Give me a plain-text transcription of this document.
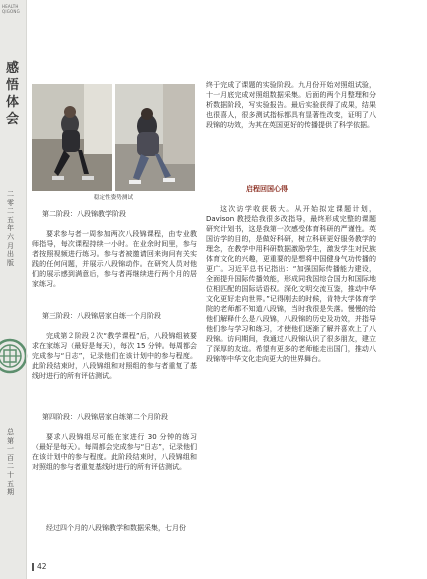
HEALTH
QIGONG
感悟体会
二零二五年六月出版
总第一百二十五期
稳定性姿势测试
第二阶段：八段锦教学阶段
要求参与者一周参加两次八段锦课程，由专业教师指导，每次课程持续一小时。在业余时间里，参与者按照视频进行练习。参与者被邀请回来询问有关实践的任何问题，并展示八段锦动作。在研究人员对他们的展示感到满意后，参与者再继续进行两个月的居家练习。
第三阶段：八段锦居家自练一个月阶段
完成第２阶段２次“教学课程”后，八段锦组被要求在家练习（最好是每天），每次 15 分钟。每周都会完成参与“日志”，记录他们在该计划中的参与程度。此阶段结束时，八段锦组和对照组的参与者重复了基线时进行的所有评估测试。
第四阶段：八段锦居家自练第二个月阶段
要求八段锦组尽可能在家进行 30 分钟的练习（最好是每天）。每周都会完成参与“日志”，记录他们在该计划中的参与程度。此阶段结束时，八段锦组和对照组的参与者重复基线时进行的所有评估测试。
经过四个月的八段锦教学和数据采集，七月份
终于完成了课题的实验阶段。九月份开始对照组试验，十一月底完成对照组数据采集。后面的两个月整理和分析数据阶段，写实验报告。最后实验获得了成果，结果也很喜人，很多测试指标都具有显著性改变，证明了八段锦的功效，为其在英国更好的传播提供了科学依据。
启程回国心得
这次访学收获极大。从开始拟定课题计划，Davison 教授给我很多改指导，最终形成完整的课题研究计划书，这是我第一次感受体育科研的严谨性。英国访学的目的，是做好科研，树立科研更好服务教学的理念，在教学中用科研数据激励学生，激发学生对民族体育文化的兴趣，更重要的是想将中国健身气功传播的更广。习近平总书记指出：“加强国际传播能力建设，全面提升国际传播效能，形成同我国综合国力和国际地位相匹配的国际话语权。深化文明交流互鉴，推动中华文化更好走向世界。”记得刚去的时候，肯特大学体育学院的老师都不知道八段锦，当时我很是失落。慢慢的给他们解释什么是八段锦，八段锦的历史及功效，并指导他们参与学习和练习，才使他们逐渐了解并喜欢上了八段锦。访问期间，我通过八段锦认识了很多朋友，建立了深厚的友谊。希望有更多的老师能走出国门，推动八段锦等中华文化走向更大的世界舞台。
42
